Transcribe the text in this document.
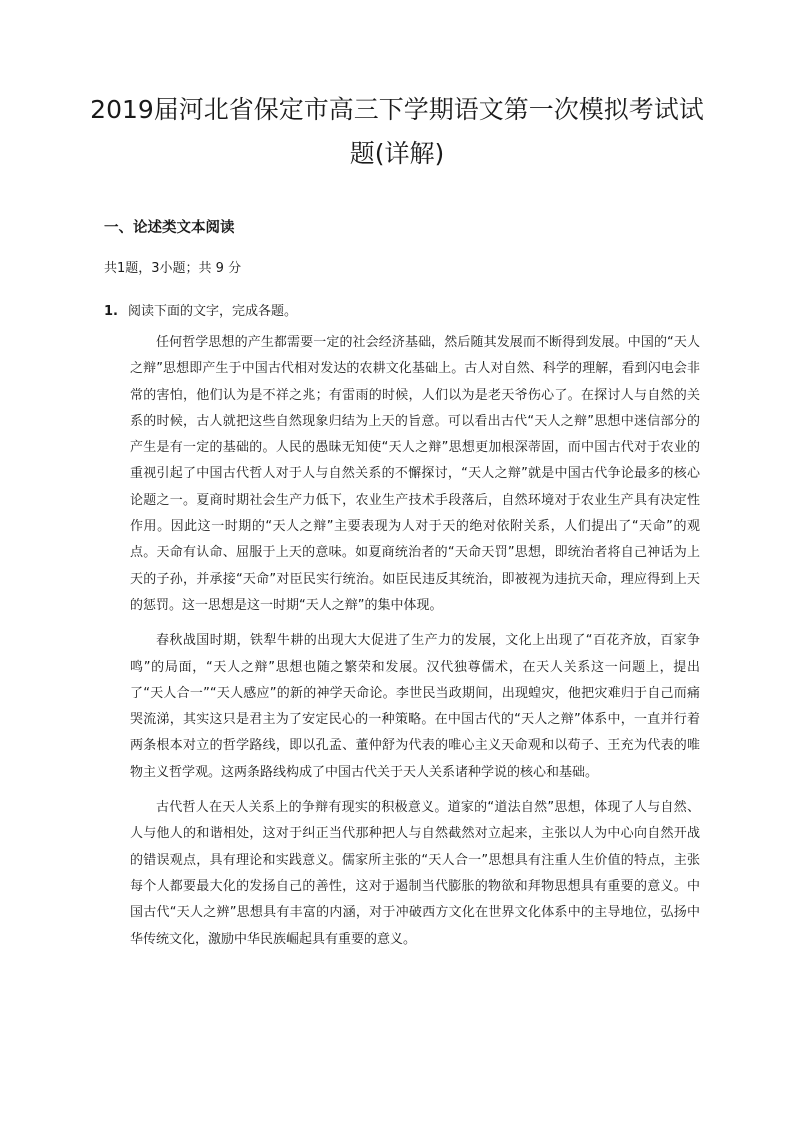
2019届河北省保定市高三下学期语文第一次模拟考试试题(详解)
一、论述类文本阅读

共1题，3小题；共 9 分

1. 阅读下面的文字，完成各题。

任何哲学思想的产生都需要一定的社会经济基础，然后随其发展而不断得到发展。中国的“天人之辩”思想即产生于中国古代相对发达的农耕文化基础上。古人对自然、科学的理解，看到闪电会非常的害怕，他们认为是不祥之兆；有雷雨的时候，人们以为是老天爷伤心了。在探讨人与自然的关系的时候，古人就把这些自然现象归结为上天的旨意。可以看出古代“天人之辩”思想中迷信部分的产生是有一定的基础的。人民的愚昧无知使“天人之辩”思想更加根深蒂固，而中国古代对于农业的重视引起了中国古代哲人对于人与自然关系的不懈探讨，“天人之辩”就是中国古代争论最多的核心论题之一。夏商时期社会生产力低下，农业生产技术手段落后，自然环境对于农业生产具有决定性作用。因此这一时期的“天人之辩”主要表现为人对于天的绝对依附关系，人们提出了“天命”的观点。天命有认命、屈服于上天的意味。如夏商统治者的“天命天罚”思想，即统治者将自己神话为上天的子孙，并承接“天命”对臣民实行统治。如臣民违反其统治，即被视为违抗天命，理应得到上天的惩罚。这一思想是这一时期“天人之辩”的集中体现。

春秋战国时期，铁犁牛耕的出现大大促进了生产力的发展，文化上出现了“百花齐放，百家争鸣”的局面，“天人之辩”思想也随之繁荣和发展。汉代独尊儒术，在天人关系这一问题上，提出了“天人合一”“天人感应”的新的神学天命论。李世民当政期间，出现蝗灾，他把灾难归于自己而痛哭流涕，其实这只是君主为了安定民心的一种策略。在中国古代的“天人之辩”体系中，一直并行着两条根本对立的哲学路线，即以孔孟、董仲舒为代表的唯心主义天命观和以荀子、王充为代表的唯物主义哲学观。这两条路线构成了中国古代关于天人关系诸种学说的核心和基础。

古代哲人在天人关系上的争辩有现实的积极意义。道家的“道法自然”思想，体现了人与自然、人与他人的和谐相处，这对于纠正当代那种把人与自然截然对立起来，主张以人为中心向自然开战的错误观点，具有理论和实践意义。儒家所主张的“天人合一”思想具有注重人生价值的特点，主张每个人都要最大化的发扬自己的善性，这对于遏制当代膨胀的物欲和拜物思想具有重要的意义。中国古代“天人之辨”思想具有丰富的内涵，对于冲破西方文化在世界文化体系中的主导地位，弘扬中华传统文化，激励中华民族崛起具有重要的意义。
